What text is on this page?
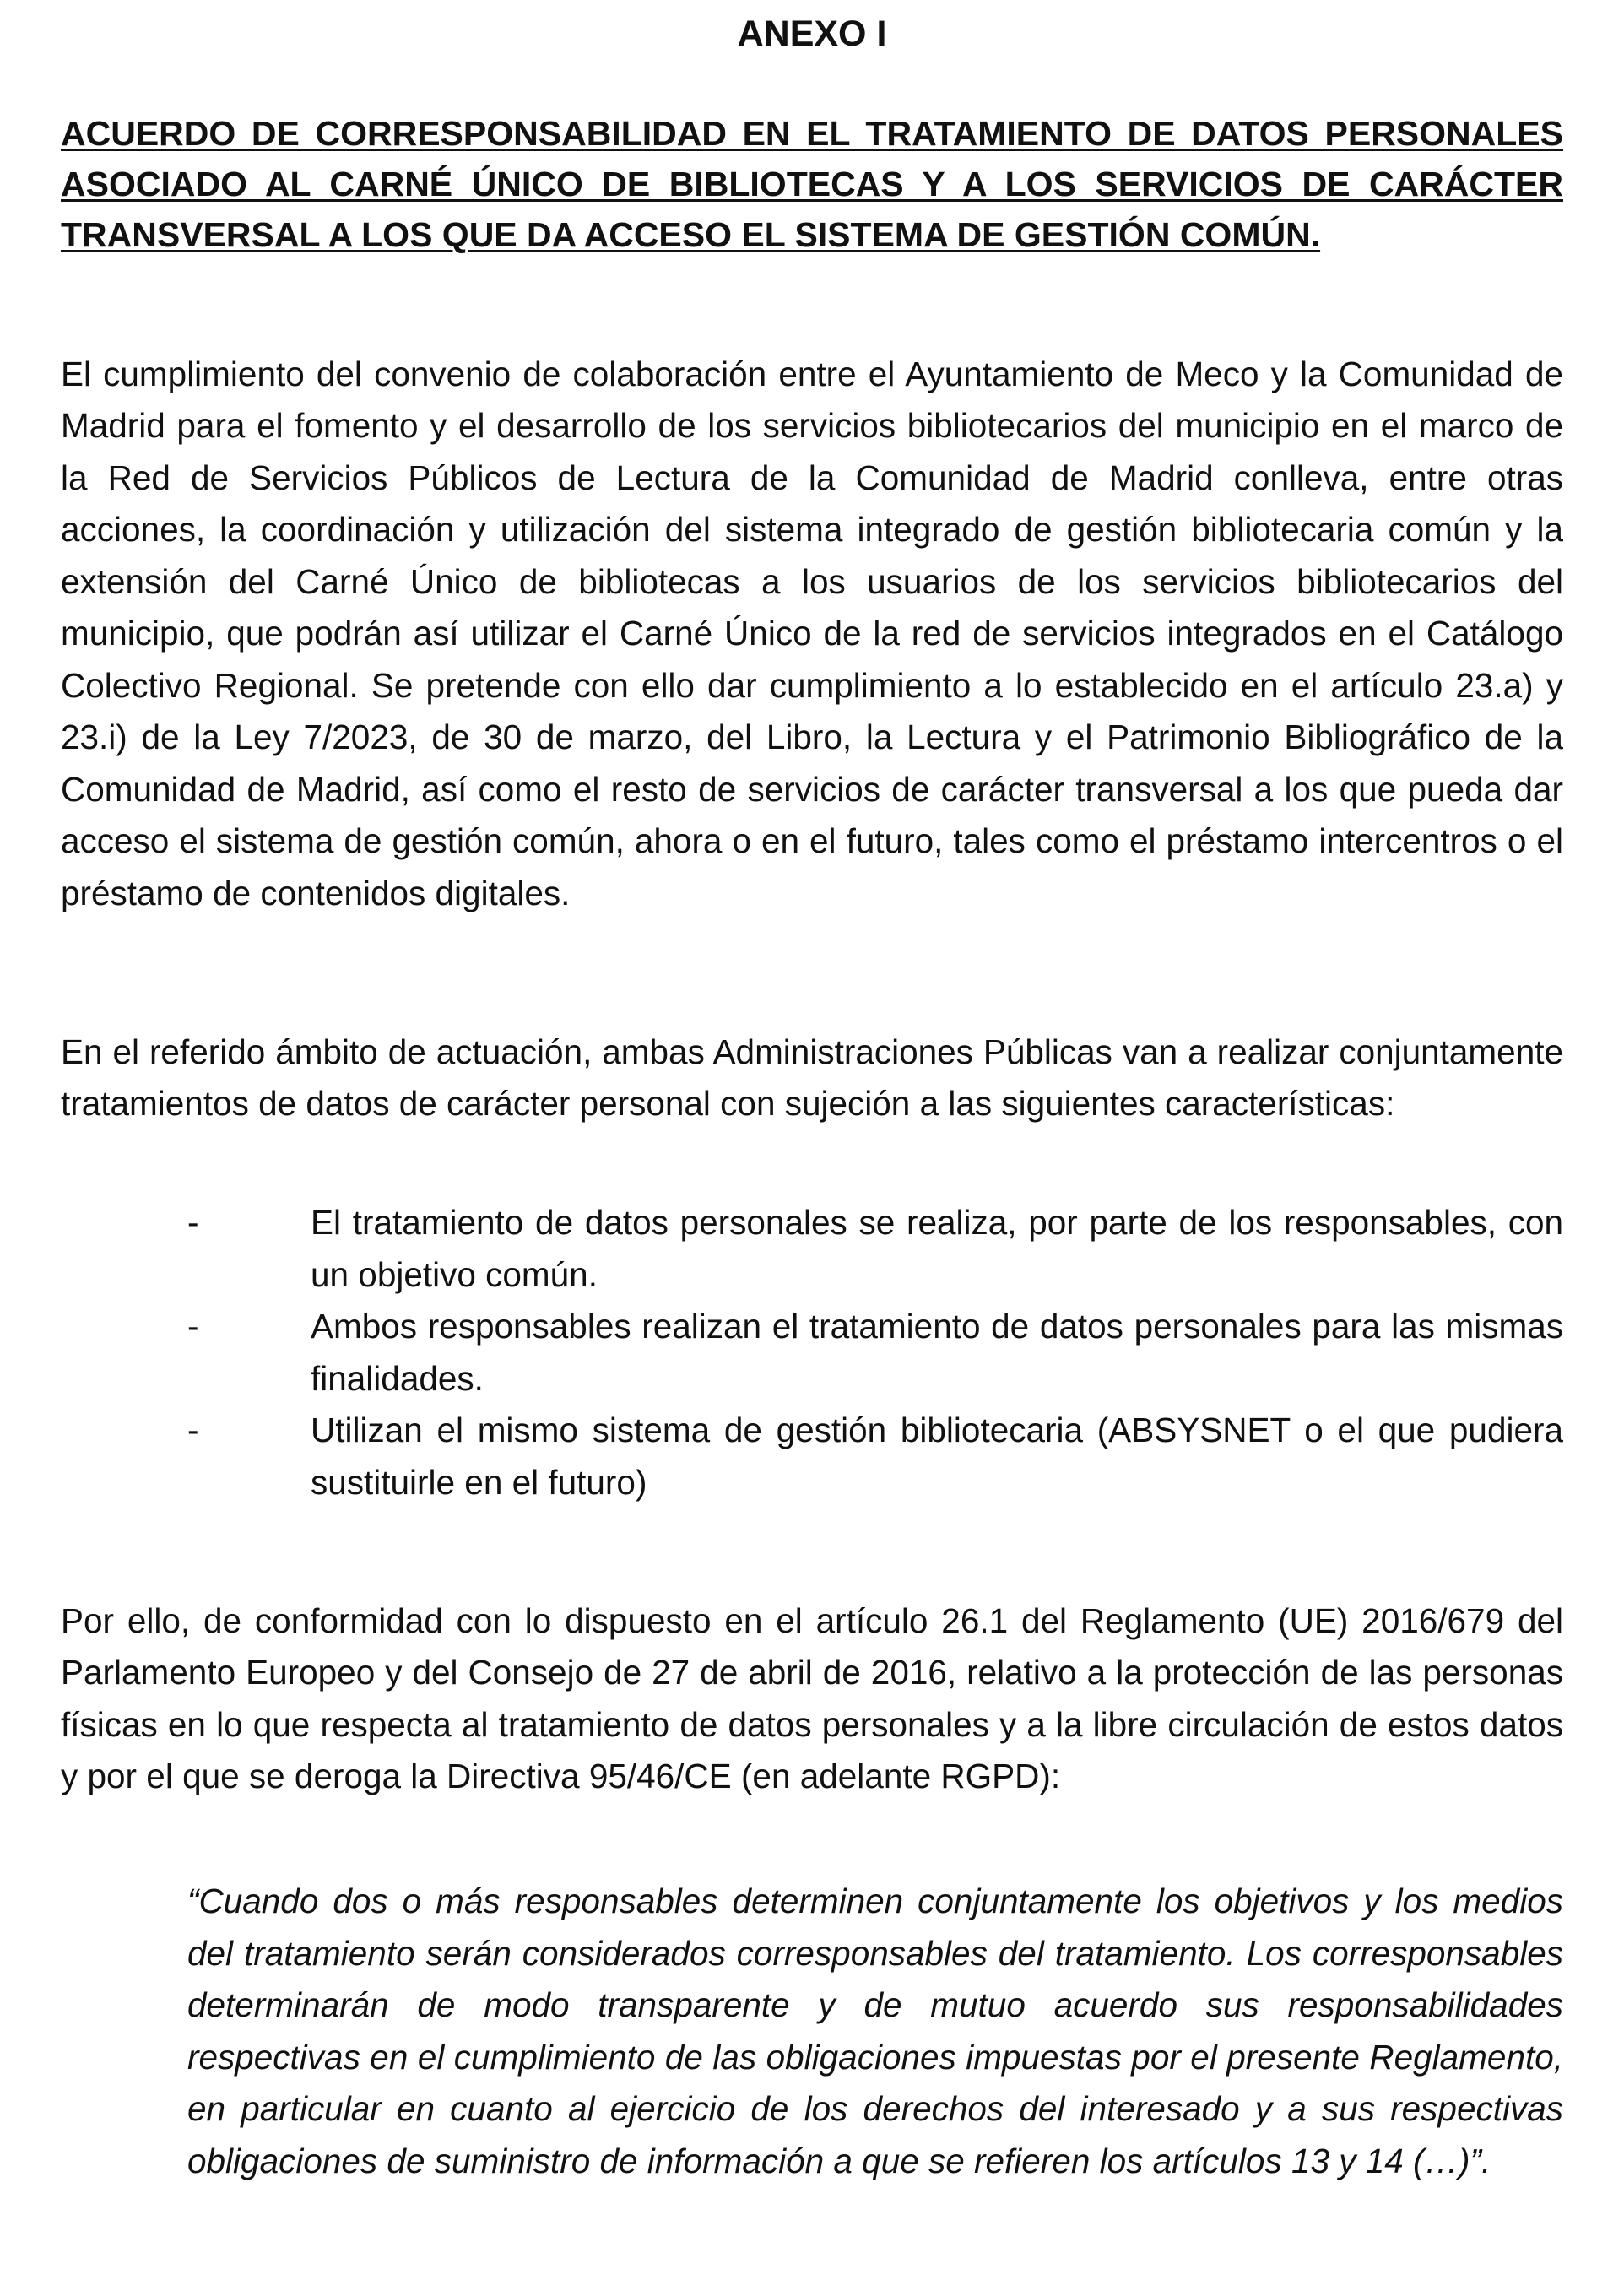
ANEXO I
ACUERDO DE CORRESPONSABILIDAD EN EL TRATAMIENTO DE DATOS PERSONALES ASOCIADO AL CARNÉ ÚNICO DE BIBLIOTECAS Y A LOS SERVICIOS DE CARÁCTER TRANSVERSAL A LOS QUE DA ACCESO EL SISTEMA DE GESTIÓN COMÚN.

El cumplimiento del convenio de colaboración entre el Ayuntamiento de Meco y la Comunidad de Madrid para el fomento y el desarrollo de los servicios bibliotecarios del municipio en el marco de la Red de Servicios Públicos de Lectura de la Comunidad de Madrid conlleva, entre otras acciones, la coordinación y utilización del sistema integrado de gestión bibliotecaria común y la extensión del Carné Único de bibliotecas a los usuarios de los servicios bibliotecarios del municipio, que podrán así utilizar el Carné Único de la red de servicios integrados en el Catálogo Colectivo Regional. Se pretende con ello dar cumplimiento a lo establecido en el artículo 23.a) y 23.i) de la Ley 7/2023, de 30 de marzo, del Libro, la Lectura y el Patrimonio Bibliográfico de la Comunidad de Madrid, así como el resto de servicios de carácter transversal a los que pueda dar acceso el sistema de gestión común, ahora o en el futuro, tales como el préstamo intercentros o el préstamo de contenidos digitales.

En el referido ámbito de actuación, ambas Administraciones Públicas van a realizar conjuntamente tratamientos de datos de carácter personal con sujeción a las siguientes características:

-	El tratamiento de datos personales se realiza, por parte de los responsables, con un objetivo común.
-	Ambos responsables realizan el tratamiento de datos personales para las mismas finalidades.
-	Utilizan el mismo sistema de gestión bibliotecaria (ABSYSNET o el que pudiera sustituirle en el futuro)

Por ello, de conformidad con lo dispuesto en el artículo 26.1 del Reglamento (UE) 2016/679 del Parlamento Europeo y del Consejo de 27 de abril de 2016, relativo a la protección de las personas físicas en lo que respecta al tratamiento de datos personales y a la libre circulación de estos datos y por el que se deroga la Directiva 95/46/CE (en adelante RGPD):

“Cuando dos o más responsables determinen conjuntamente los objetivos y los medios del tratamiento serán considerados corresponsables del tratamiento. Los corresponsables determinarán de modo transparente y de mutuo acuerdo sus responsabilidades respectivas en el cumplimiento de las obligaciones impuestas por el presente Reglamento, en particular en cuanto al ejercicio de los derechos del interesado y a sus respectivas obligaciones de suministro de información a que se refieren los artículos 13 y 14 (…)”.
